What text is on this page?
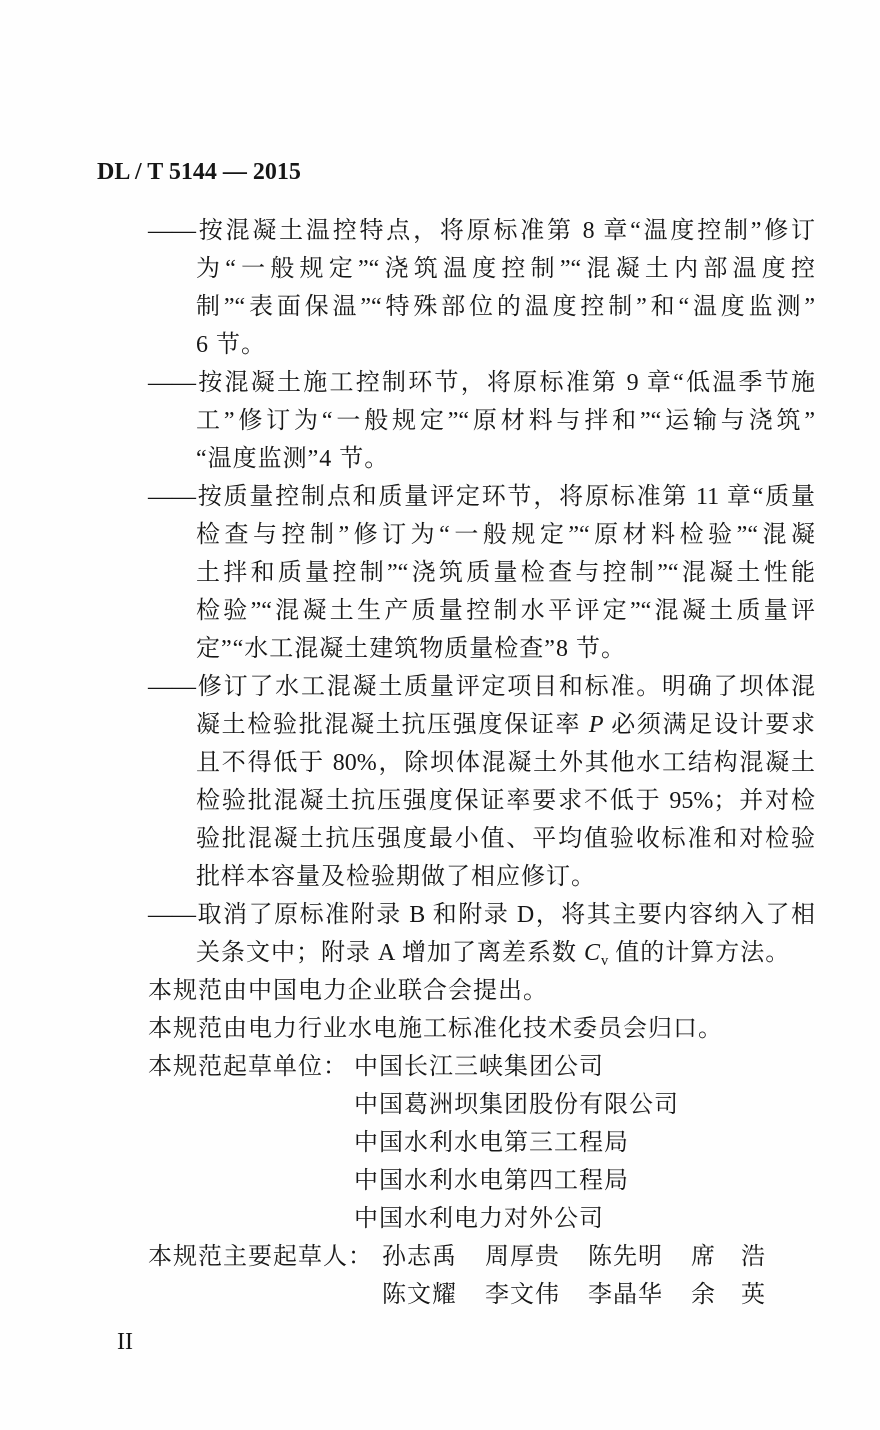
DL / T 5144 — 2015
——按混凝土温控特点，将原标准第 8 章“温度控制”修订
为“一般规定”“浇筑温度控制”“混凝土内部温度控
制”“表面保温”“特殊部位的温度控制”和“温度监测”
6 节。
——按混凝土施工控制环节，将原标准第 9 章“低温季节施
工”修订为“一般规定”“原材料与拌和”“运输与浇筑”
“温度监测”4 节。
——按质量控制点和质量评定环节，将原标准第 11 章“质量
检查与控制”修订为“一般规定”“原材料检验”“混凝
土拌和质量控制”“浇筑质量检查与控制”“混凝土性能
检验”“混凝土生产质量控制水平评定”“混凝土质量评
定”“水工混凝土建筑物质量检查”8 节。
——修订了水工混凝土质量评定项目和标准。明确了坝体混
凝土检验批混凝土抗压强度保证率 P 必须满足设计要求
且不得低于 80%，除坝体混凝土外其他水工结构混凝土
检验批混凝土抗压强度保证率要求不低于 95%；并对检
验批混凝土抗压强度最小值、平均值验收标准和对检验
批样本容量及检验期做了相应修订。
——取消了原标准附录 B 和附录 D，将其主要内容纳入了相
关条文中；附录 A 增加了离差系数 $C_v$ 值的计算方法。
本规范由中国电力企业联合会提出。
本规范由电力行业水电施工标准化技术委员会归口。
本规范起草单位： 中国长江三峡集团公司
中国葛洲坝集团股份有限公司
中国水利水电第三工程局
中国水利水电第四工程局
中国水利电力对外公司
本规范主要起草人： 孙志禹 周厚贵 陈先明 席　浩
陈文耀 李文伟 李晶华 余　英
II
